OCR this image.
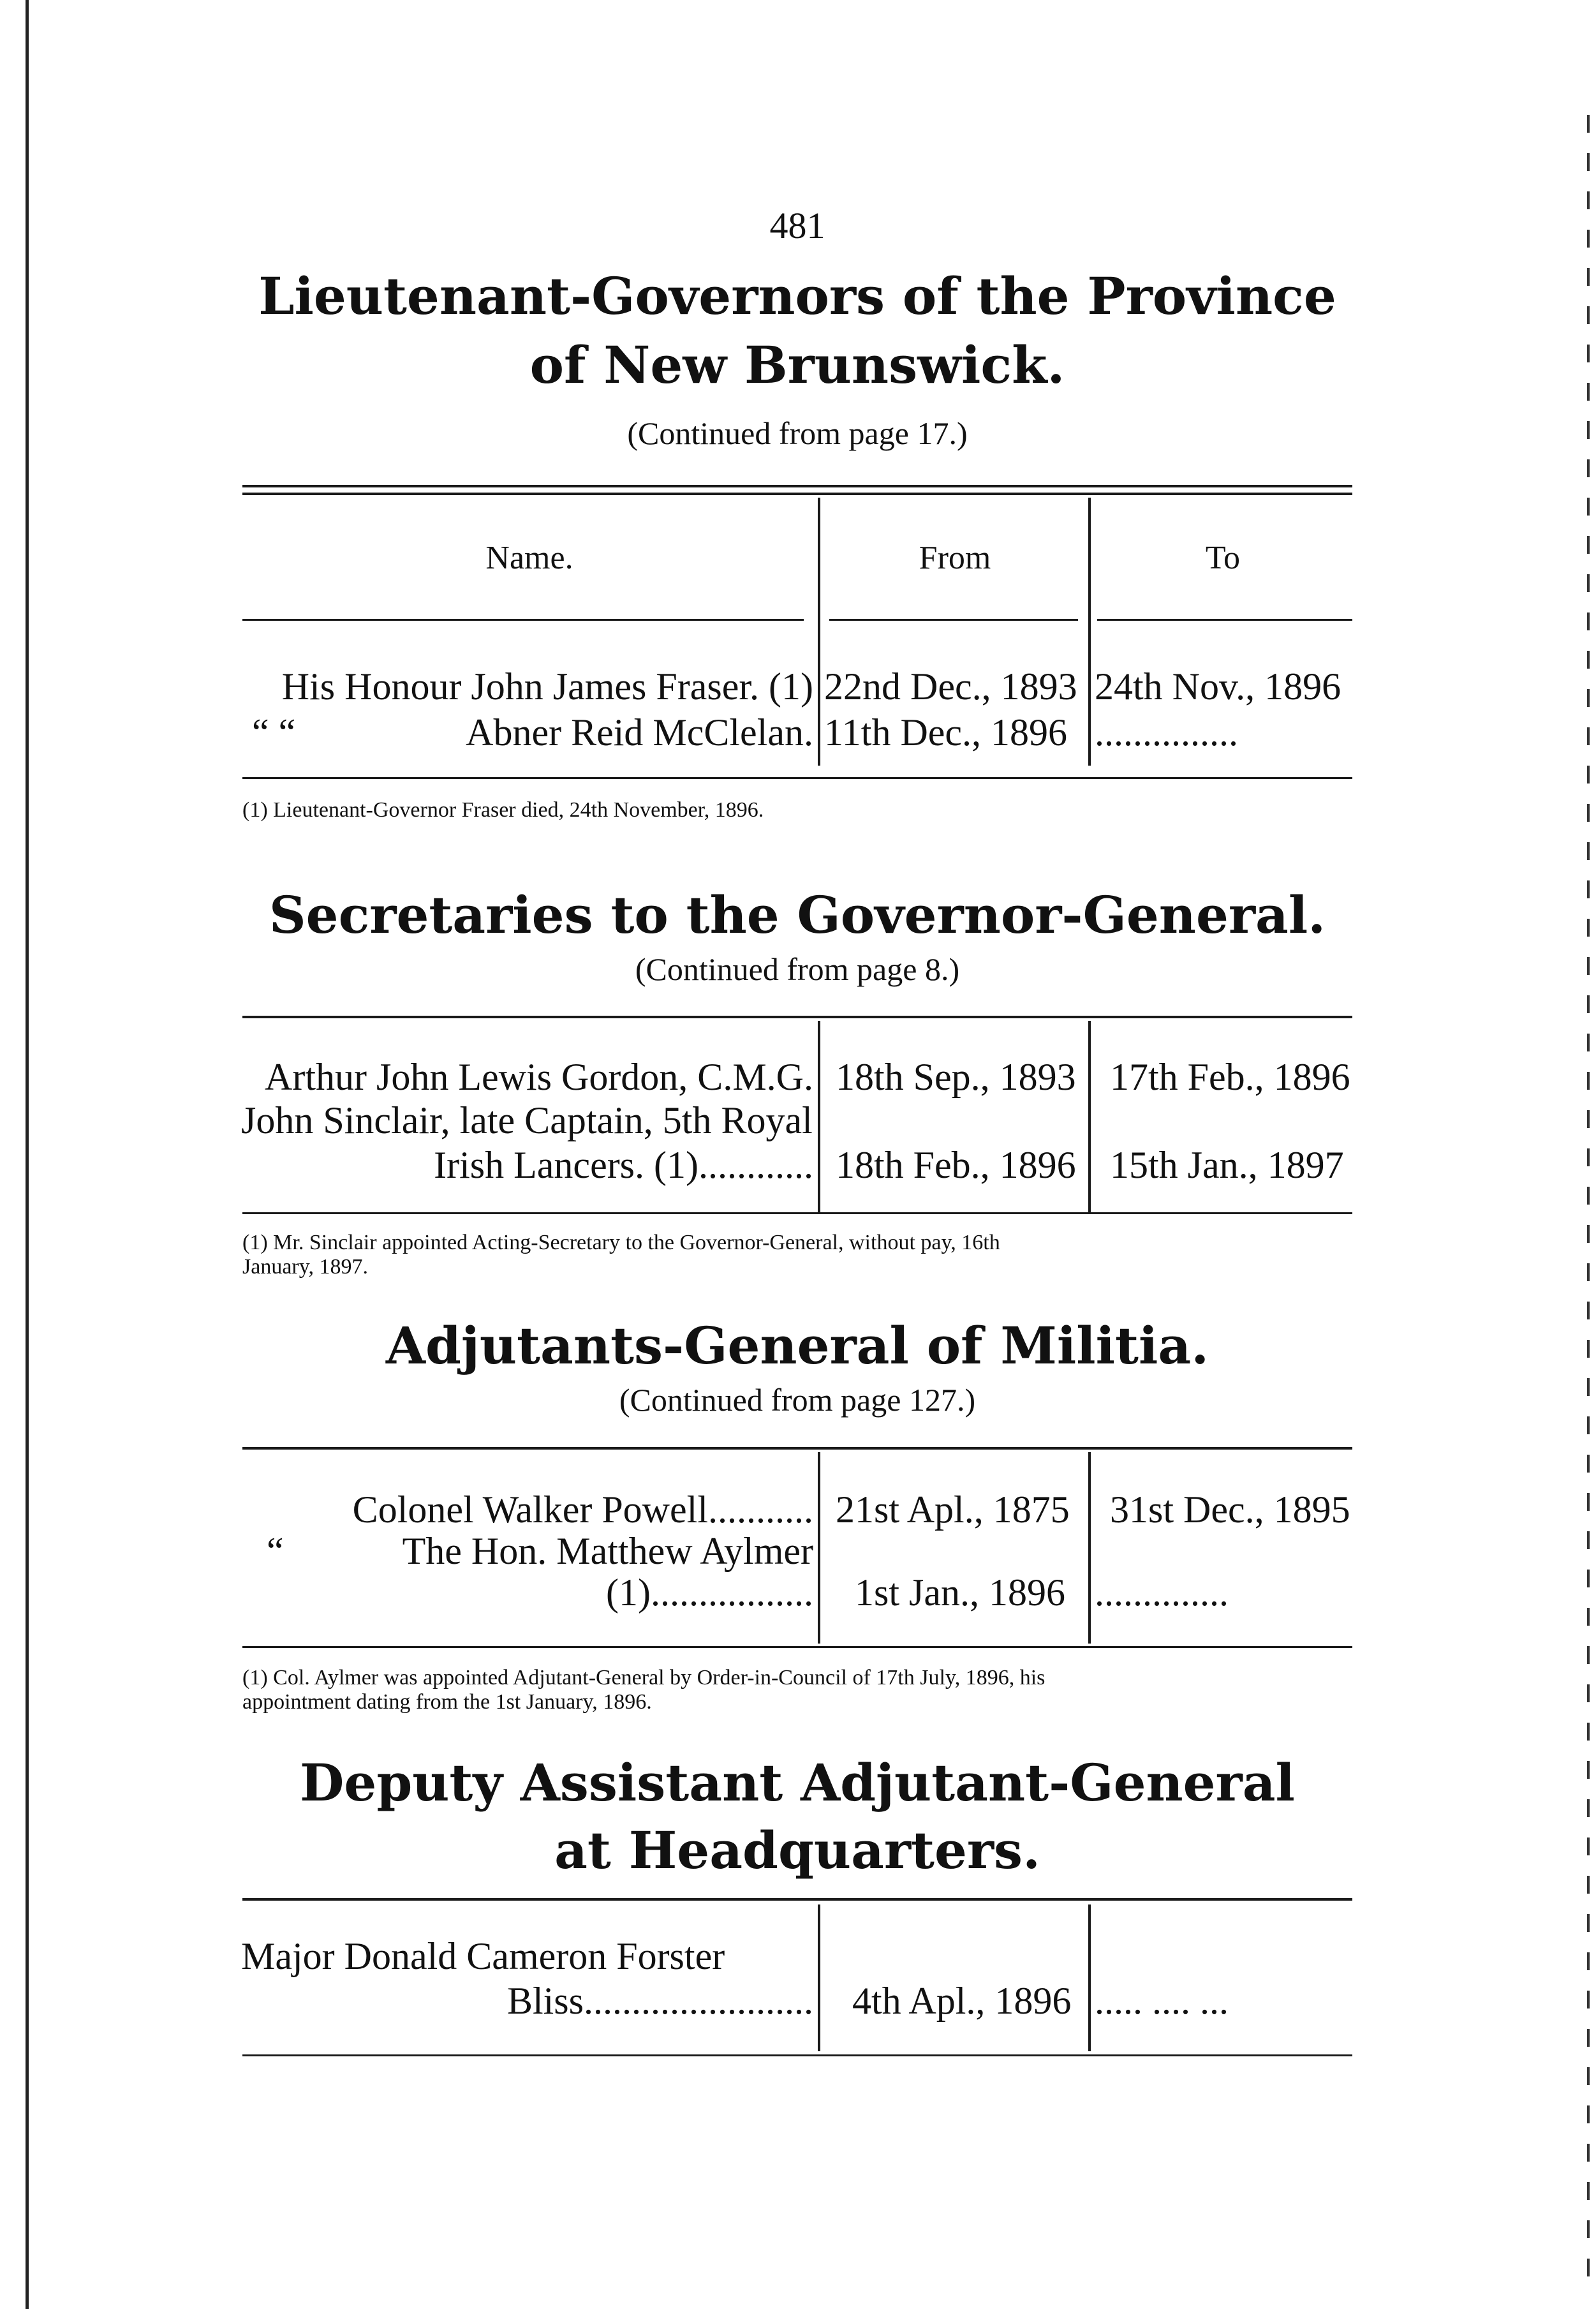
481
Lieutenant-Governors of the Province
of New Brunswick.
(Continued from page 17.)
Name.	From	To
His Honour John James Fraser. (1) 22nd Dec., 1893 24th Nov., 1896
“ “	Abner Reid McClelan. 11th Dec., 1896 ...............
(1) Lieutenant-Governor Fraser died, 24th November, 1896.
Secretaries to the Governor-General.
(Continued from page 8.)
Arthur John Lewis Gordon, C.M.G. 18th Sep., 1893 17th Feb., 1896
John Sinclair, late Captain, 5th Royal
Irish Lancers. (1)............ 18th Feb., 1896 15th Jan., 1897
(1) Mr. Sinclair appointed Acting-Secretary to the Governor-General, without pay, 16th
January, 1897.
Adjutants-General of Militia.
(Continued from page 127.)
Colonel Walker Powell........... 21st Apl., 1875 31st Dec., 1895
“	The Hon. Matthew Aylmer
(1)................. 1st Jan., 1896 ..............
(1) Col. Aylmer was appointed Adjutant-General by Order-in-Council of 17th July, 1896, his
appointment dating from the 1st January, 1896.
Deputy Assistant Adjutant-General
at Headquarters.
Major Donald Cameron Forster
Bliss........................ 4th Apl., 1896 ..... .... ...
